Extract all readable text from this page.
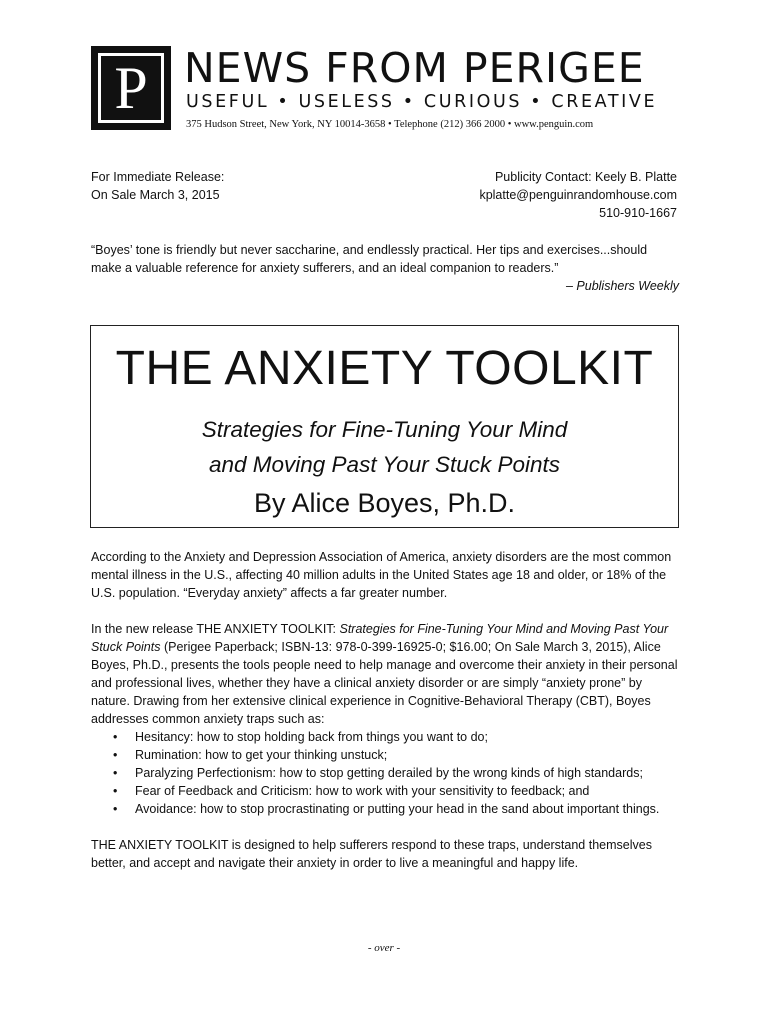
P NEWS FROM PERIGEE
USEFUL • USELESS • CURIOUS • CREATIVE
375 Hudson Street, New York, NY 10014-3658 • Telephone (212) 366 2000 • www.penguin.com
For Immediate Release:
On Sale March 3, 2015
Publicity Contact: Keely B. Platte
kplatte@penguinrandomhouse.com
510-910-1667
“Boyes’ tone is friendly but never saccharine, and endlessly practical. Her tips and exercises...should make a valuable reference for anxiety sufferers, and an ideal companion to readers.”
– Publishers Weekly
THE ANXIETY TOOLKIT
Strategies for Fine-Tuning Your Mind
and Moving Past Your Stuck Points
By Alice Boyes, Ph.D.

According to the Anxiety and Depression Association of America, anxiety disorders are the most common mental illness in the U.S., affecting 40 million adults in the United States age 18 and older, or 18% of the U.S. population. “Everyday anxiety” affects a far greater number.

In the new release THE ANXIETY TOOLKIT: Strategies for Fine-Tuning Your Mind and Moving Past Your Stuck Points (Perigee Paperback; ISBN-13: 978-0-399-16925-0; $16.00; On Sale March 3, 2015), Alice Boyes, Ph.D., presents the tools people need to help manage and overcome their anxiety in their personal and professional lives, whether they have a clinical anxiety disorder or are simply “anxiety prone” by nature. Drawing from her extensive clinical experience in Cognitive-Behavioral Therapy (CBT), Boyes addresses common anxiety traps such as:
• Hesitancy: how to stop holding back from things you want to do;
• Rumination: how to get your thinking unstuck;
• Paralyzing Perfectionism: how to stop getting derailed by the wrong kinds of high standards;
• Fear of Feedback and Criticism: how to work with your sensitivity to feedback; and
• Avoidance: how to stop procrastinating or putting your head in the sand about important things.

THE ANXIETY TOOLKIT is designed to help sufferers respond to these traps, understand themselves better, and accept and navigate their anxiety in order to live a meaningful and happy life.

- over -
